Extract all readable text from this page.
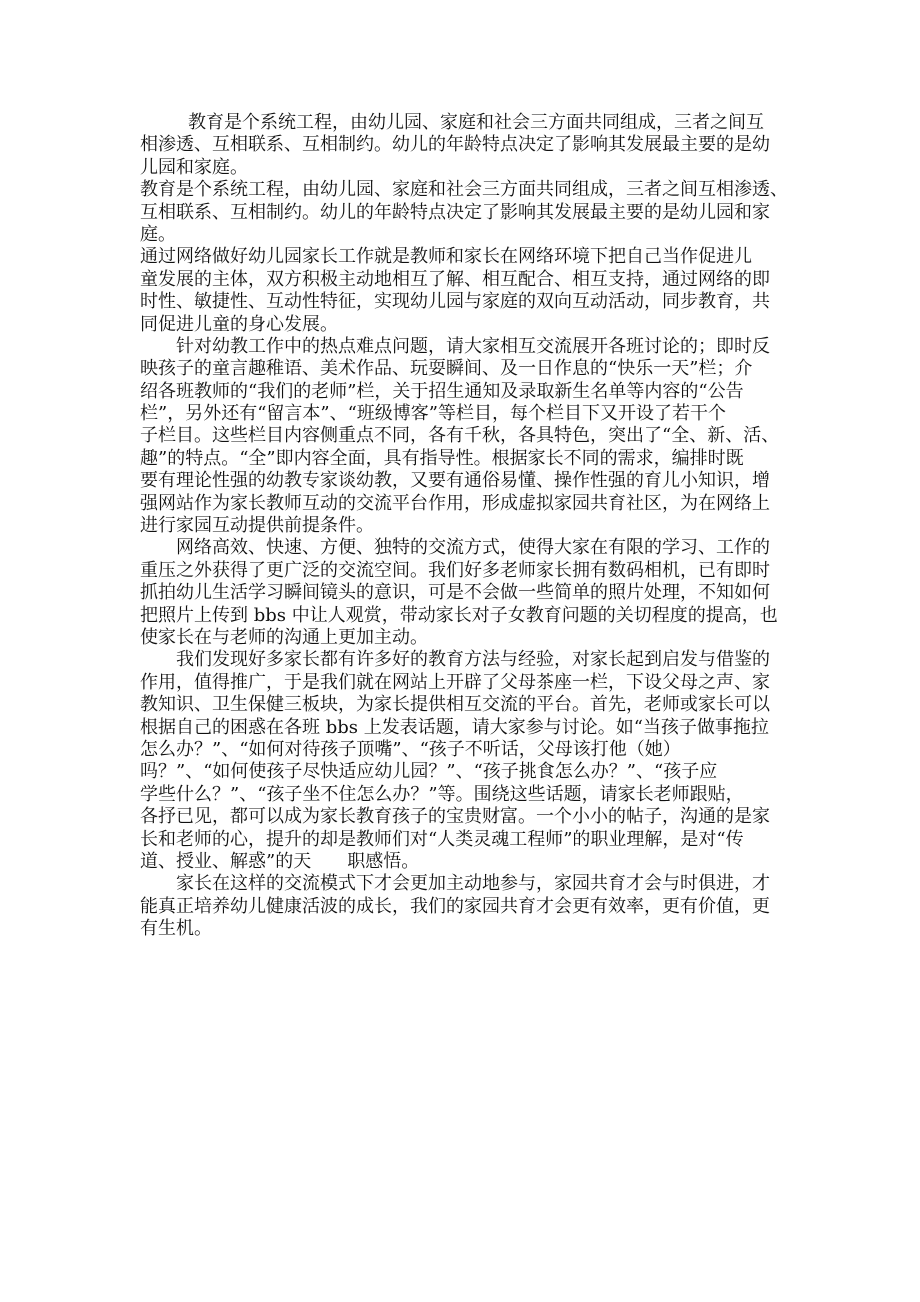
教育是个系统工程，由幼儿园、家庭和社会三方面共同组成，三者之间互
相渗透、互相联系、互相制约。幼儿的年龄特点决定了影响其发展最主要的是幼
儿园和家庭。
教育是个系统工程，由幼儿园、家庭和社会三方面共同组成，三者之间互相渗透、
互相联系、互相制约。幼儿的年龄特点决定了影响其发展最主要的是幼儿园和家
庭。
通过网络做好幼儿园家长工作就是教师和家长在网络环境下把自己当作促进儿
童发展的主体，双方积极主动地相互了解、相互配合、相互支持，通过网络的即
时性、敏捷性、互动性特征，实现幼儿园与家庭的双向互动活动，同步教育，共
同促进儿童的身心发展。
针对幼教工作中的热点难点问题，请大家相互交流展开各班讨论的；即时反
映孩子的童言趣稚语、美术作品、玩耍瞬间、及一日作息的“快乐一天”栏；介
绍各班教师的“我们的老师”栏，关于招生通知及录取新生名单等内容的“公告
栏”，另外还有“留言本”、“班级博客”等栏目，每个栏目下又开设了若干个
子栏目。这些栏目内容侧重点不同，各有千秋，各具特色，突出了“全、新、活、
趣”的特点。“全”即内容全面，具有指导性。根据家长不同的需求，编排时既
要有理论性强的幼教专家谈幼教，又要有通俗易懂、操作性强的育儿小知识，增
强网站作为家长教师互动的交流平台作用，形成虚拟家园共育社区，为在网络上
进行家园互动提供前提条件。
网络高效、快速、方便、独特的交流方式，使得大家在有限的学习、工作的
重压之外获得了更广泛的交流空间。我们好多老师家长拥有数码相机，已有即时
抓拍幼儿生活学习瞬间镜头的意识，可是不会做一些简单的照片处理，不知如何
把照片上传到 bbs 中让人观赏，带动家长对子女教育问题的关切程度的提高，也
使家长在与老师的沟通上更加主动。
我们发现好多家长都有许多好的教育方法与经验，对家长起到启发与借鉴的
作用，值得推广，于是我们就在网站上开辟了父母茶座一栏，下设父母之声、家
教知识、卫生保健三板块，为家长提供相互交流的平台。首先，老师或家长可以
根据自己的困惑在各班 bbs 上发表话题，请大家参与讨论。如“当孩子做事拖拉
怎么办？”、“如何对待孩子顶嘴”、“孩子不听话，父母该打他（她）
吗？”、“如何使孩子尽快适应幼儿园？”、“孩子挑食怎么办？”、“孩子应
学些什么？”、“孩子坐不住怎么办？”等。围绕这些话题，请家长老师跟贴，
各抒已见，都可以成为家长教育孩子的宝贵财富。一个小小的帖子，沟通的是家
长和老师的心，提升的却是教师们对“人类灵魂工程师”的职业理解，是对“传
道、授业、解惑”的天　　职感悟。
家长在这样的交流模式下才会更加主动地参与，家园共育才会与时俱进，才
能真正培养幼儿健康活波的成长，我们的家园共育才会更有效率，更有价值，更
有生机。
